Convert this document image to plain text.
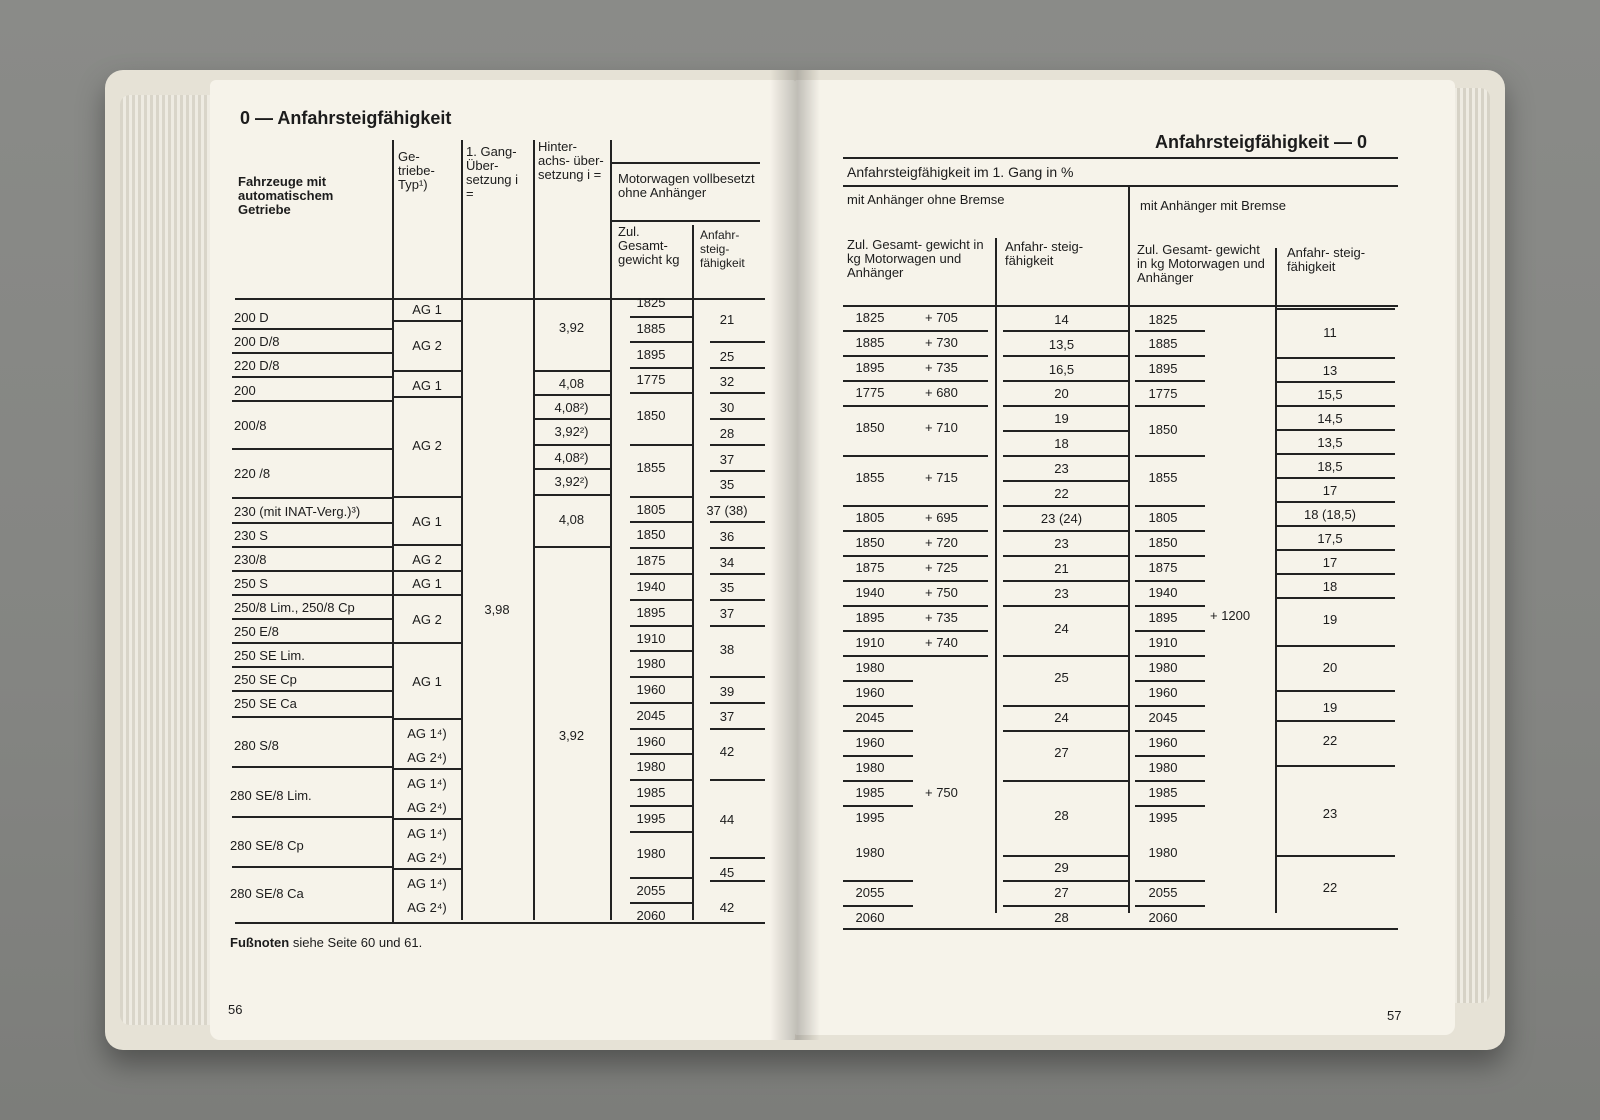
0 — Anfahrsteigfähigkeit
Fahrzeuge mit automatischem Getriebe
Ge- triebe- Typ¹)
1. Gang- Über- setzung i =
Hinter- achs- über- setzung i =	Motorwagen vollbesetzt ohne Anhänger
Zul. Gesamt- gewicht kg
Anfahr- steig- fähigkeit
200 D
200 D/8
220 D/8
200
200/8
220 /8
230 (mit INAT-Verg.)³)
230 S
230/8
250 S
250/8 Lim., 250/8 Cp
250 E/8
250 SE Lim.
250 SE Cp
250 SE Ca
280 S/8
280 SE/8 Lim.
280 SE/8 Cp
280 SE/8 Ca
AG 1
AG 2
AG 1
AG 2
AG 1
AG 2
AG 1
AG 2
AG 1
AG 1⁴)
AG 2⁴)
AG 1⁴)
AG 2⁴)
AG 1⁴)
AG 2⁴)
AG 1⁴)
AG 2⁴)
3,98
3,92
4,08
4,08²)
3,92²)
4,08²)
3,92²)
4,08
3,92
1825
1885
1895
1775
1850
1855
1805
1850
1875
1940
1895
1910
1980
1960
2045
1960
1980
1985
1995
1980
2055
2060
21
25
32
30
28
37
35
37 (38)
36
34
35
37
38
39
37
42
44
45
42
Fußnoten siehe Seite 60 und 61.
56
Anfahrsteigfähigkeit — 0
Anfahrsteigfähigkeit im 1. Gang in %
mit Anhänger ohne Bremse	mit Anhänger mit Bremse
Zul. Gesamt- gewicht in kg Motorwagen und Anhänger
Anfahr- steig- fähigkeit
Zul. Gesamt- gewicht in kg Motorwagen und Anhänger
Anfahr- steig- fähigkeit
1825
1885
1895
1775
1850
1855
1805
1850
1875
1940
1895
1910
1980
1960
2045
1960
1980
1985
1995
1980
2055
2060
+ 705
+ 730
+ 735
+ 680
+ 710
+ 715
+ 695
+ 720
+ 725
+ 750
+ 735
+ 740
+ 750
14
13,5
16,5
20
19
18
23
22
23 (24)
23
21
23
24
25
24
27
28
29
27
28
1825
1885
1895
1775
1850
1855
1805
1850
1875
1940
1895
1910
1980
1960
2045
1960
1980
1985
1995
1980
2055
2060
+ 1200
11
13
15,5
14,5
13,5
18,5
17
18 (18,5)
17,5
17
18
19
20
19
22
23
22
57
